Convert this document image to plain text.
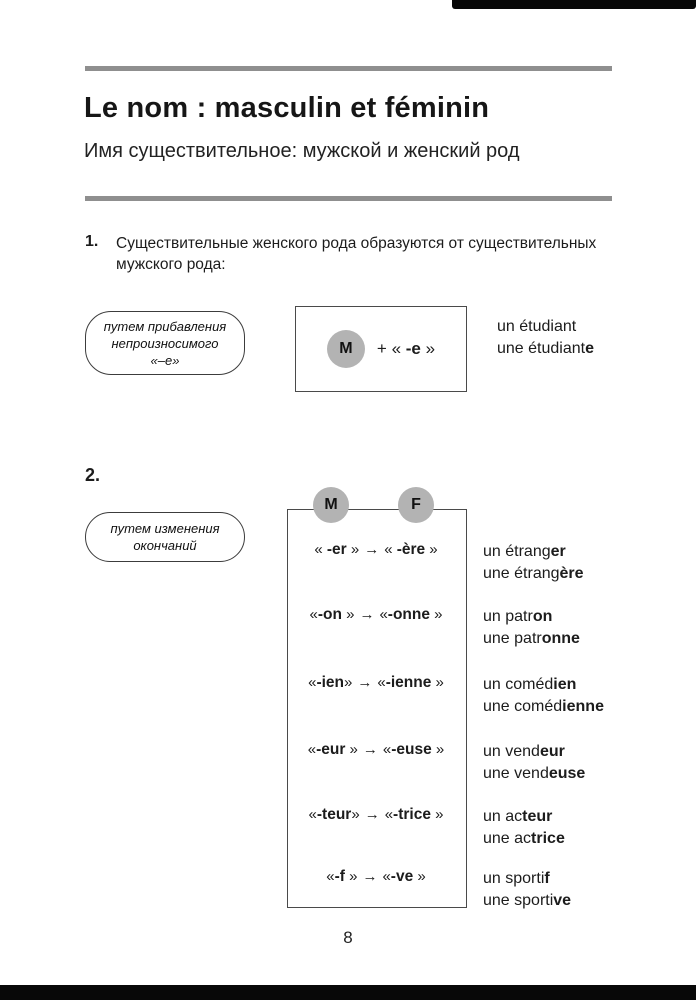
Le nom : masculin et féminin
Имя существительное: мужской и женский род
1. Существительные женского рода образуются от существительных мужского рода:
путем прибавления
непроизносимого
«–e»
M	+ « -e »
un étudiant
une étudiante
2.
путем изменения
окончаний
M	F
« -er » → « -ère »	un étranger
une étrangère
«-on » → «-onne »	un patron
une patronne
«-ien» → «-ienne »	un comédien
une comédienne
«-eur » → «-euse »	un vendeur
une vendeuse
«-teur» → «-trice »	un acteur
une actrice
«-f » → «-ve »	un sportif
une sportive
8
